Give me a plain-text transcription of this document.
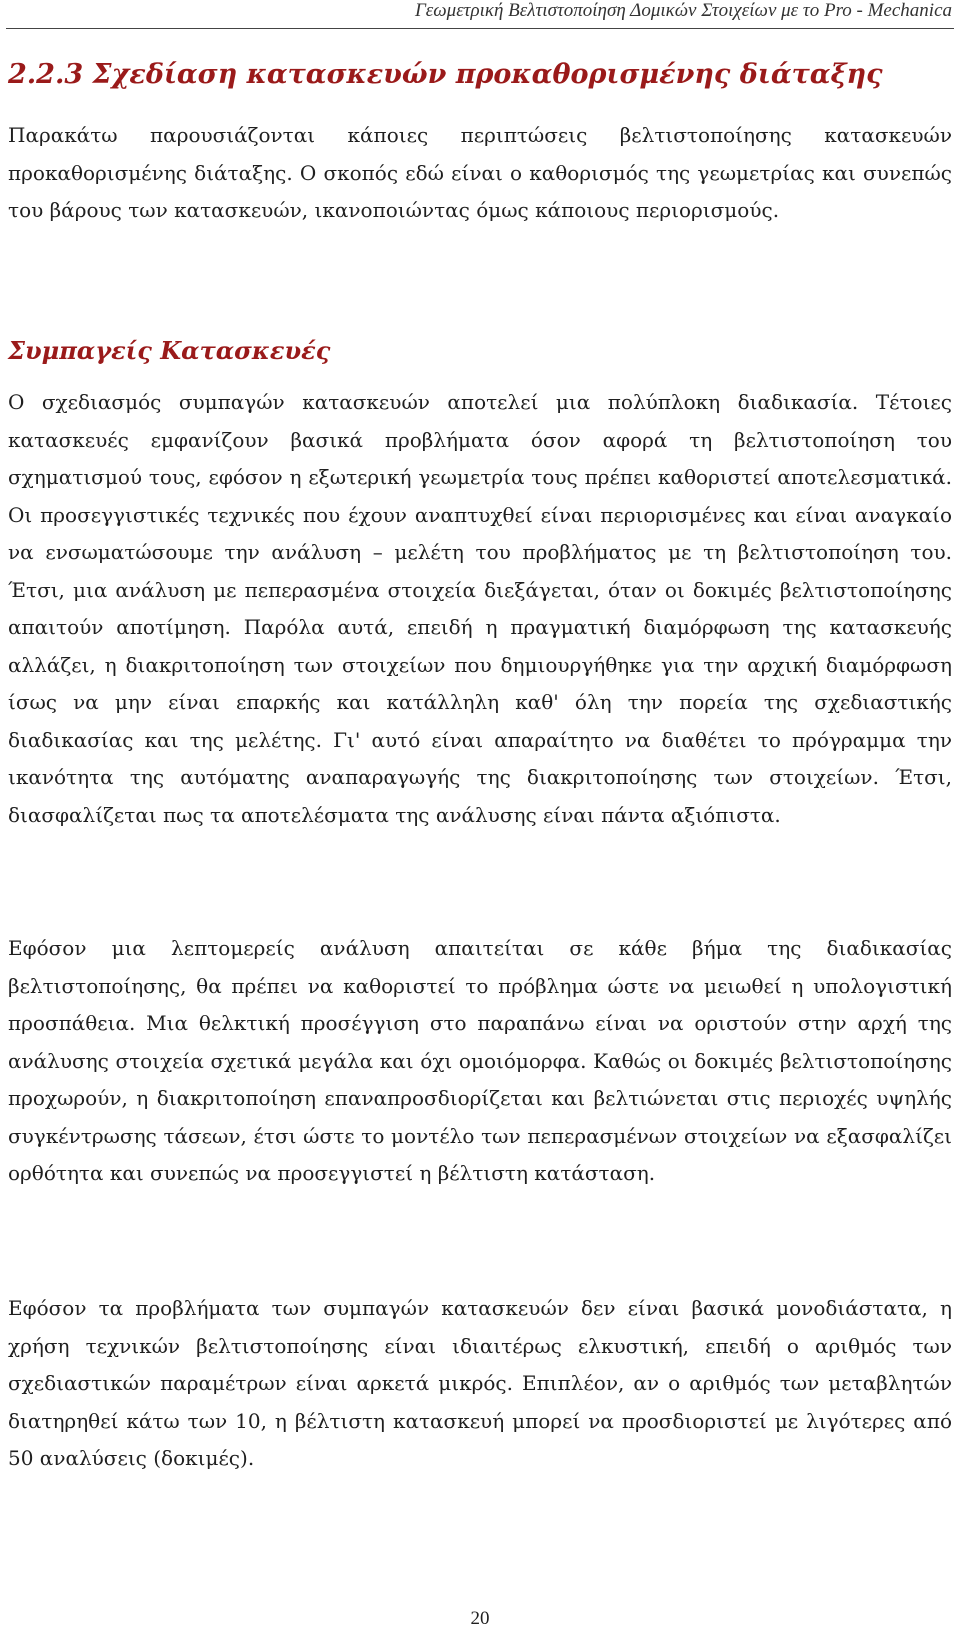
Γεωμετρική Βελτιστοποίηση Δομικών Στοιχείων με το Pro - Mechanica
2.2.3 Σχεδίαση κατασκευών προκαθορισμένης διάταξης

Παρακάτω παρουσιάζονται κάποιες περιπτώσεις βελτιστοποίησης κατασκευών προκαθορισμένης διάταξης. Ο σκοπός εδώ είναι ο καθορισμός της γεωμετρίας και συνεπώς του βάρους των κατασκευών, ικανοποιώντας όμως κάποιους περιορισμούς.

Συμπαγείς Κατασκευές

Ο σχεδιασμός συμπαγών κατασκευών αποτελεί μια πολύπλοκη διαδικασία. Τέτοιες κατασκευές εμφανίζουν βασικά προβλήματα όσον αφορά τη βελτιστοποίηση του σχηματισμού τους, εφόσον η εξωτερική γεωμετρία τους πρέπει καθοριστεί αποτελεσματικά. Οι προσεγγιστικές τεχνικές που έχουν αναπτυχθεί είναι περιορισμένες και είναι αναγκαίο να ενσωματώσουμε την ανάλυση – μελέτη του προβλήματος με τη βελτιστοποίηση του. Έτσι, μια ανάλυση με πεπερασμένα στοιχεία διεξάγεται, όταν οι δοκιμές βελτιστοποίησης απαιτούν αποτίμηση. Παρόλα αυτά, επειδή η πραγματική διαμόρφωση της κατασκευής αλλάζει, η διακριτοποίηση των στοιχείων που δημιουργήθηκε για την αρχική διαμόρφωση ίσως να μην είναι επαρκής και κατάλληλη καθ' όλη την πορεία της σχεδιαστικής διαδικασίας και της μελέτης. Γι' αυτό είναι απαραίτητο να διαθέτει το πρόγραμμα την ικανότητα της αυτόματης αναπαραγωγής της διακριτοποίησης των στοιχείων. Έτσι, διασφαλίζεται πως τα αποτελέσματα της ανάλυσης είναι πάντα αξιόπιστα.

Εφόσον μια λεπτομερείς ανάλυση απαιτείται σε κάθε βήμα της διαδικασίας βελτιστοποίησης, θα πρέπει να καθοριστεί το πρόβλημα ώστε να μειωθεί η υπολογιστική προσπάθεια. Μια θελκτική προσέγγιση στο παραπάνω είναι να οριστούν στην αρχή της ανάλυσης στοιχεία σχετικά μεγάλα και όχι ομοιόμορφα. Καθώς οι δοκιμές βελτιστοποίησης προχωρούν, η διακριτοποίηση επαναπροσδιορίζεται και βελτιώνεται στις περιοχές υψηλής συγκέντρωσης τάσεων, έτσι ώστε το μοντέλο των πεπερασμένων στοιχείων να εξασφαλίζει ορθότητα και συνεπώς να προσεγγιστεί η βέλτιστη κατάσταση.

Εφόσον τα προβλήματα των συμπαγών κατασκευών δεν είναι βασικά μονοδιάστατα, η χρήση τεχνικών βελτιστοποίησης είναι ιδιαιτέρως ελκυστική, επειδή ο αριθμός των σχεδιαστικών παραμέτρων είναι αρκετά μικρός. Επιπλέον, αν ο αριθμός των μεταβλητών διατηρηθεί κάτω των 10, η βέλτιστη κατασκευή μπορεί να προσδιοριστεί με λιγότερες από 50 αναλύσεις (δοκιμές).

20
